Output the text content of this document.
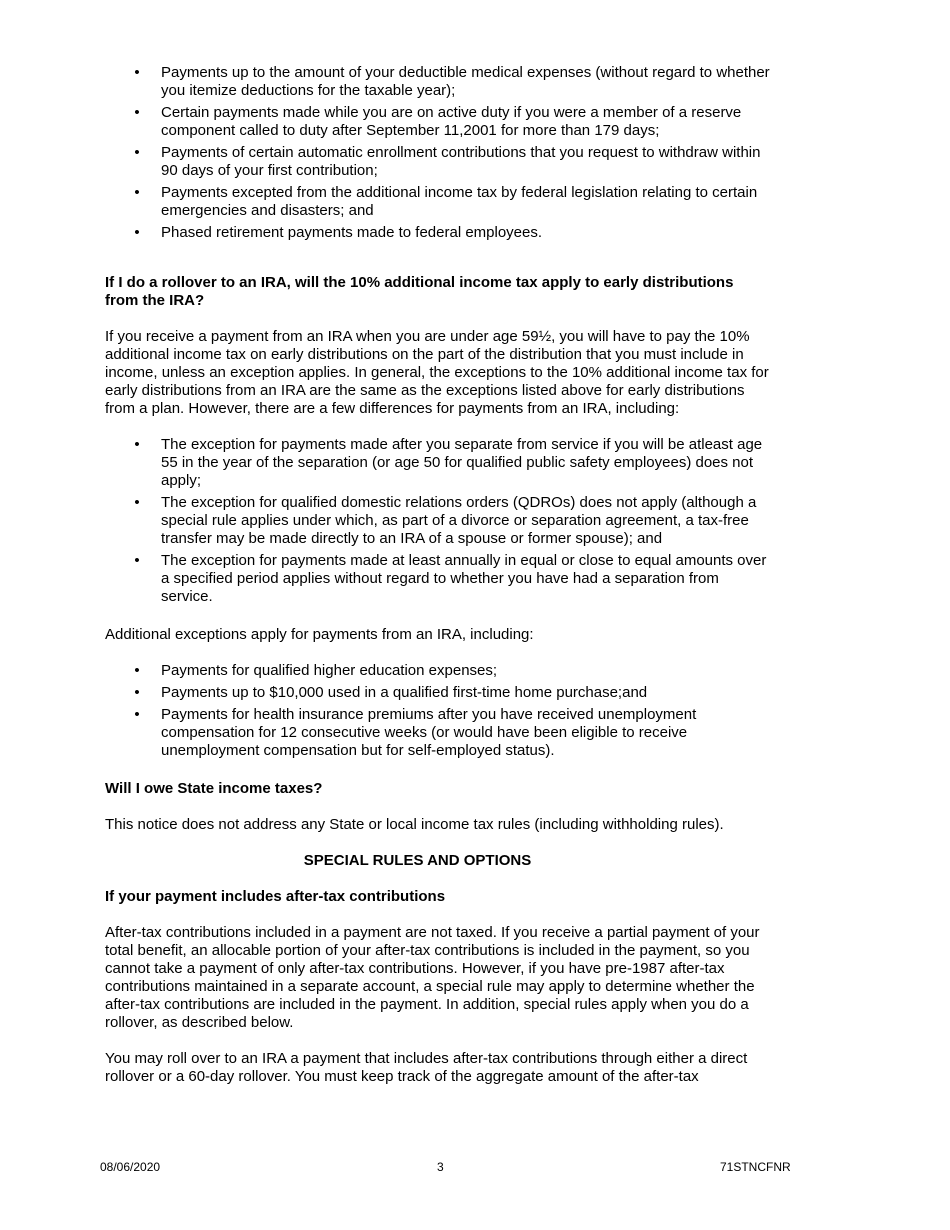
• Payments up to the amount of your deductible medical expenses (without regard to whether you itemize deductions for the taxable year);
• Certain payments made while you are on active duty if you were a member of a reserve component called to duty after September 11,2001 for more than 179 days;
• Payments of certain automatic enrollment contributions that you request to withdraw within 90 days of your first contribution;
• Payments excepted from the additional income tax by federal legislation relating to certain emergencies and disasters; and
• Phased retirement payments made to federal employees.

If I do a rollover to an IRA, will the 10% additional income tax apply to early distributions from the IRA?

If you receive a payment from an IRA when you are under age 59½, you will have to pay the 10% additional income tax on early distributions on the part of the distribution that you must include in income, unless an exception applies. In general, the exceptions to the 10% additional income tax for early distributions from an IRA are the same as the exceptions listed above for early distributions from a plan. However, there are a few differences for payments from an IRA, including:

• The exception for payments made after you separate from service if you will be atleast age 55 in the year of the separation (or age 50 for qualified public safety employees) does not apply;
• The exception for qualified domestic relations orders (QDROs) does not apply (although a special rule applies under which, as part of a divorce or separation agreement, a tax-free transfer may be made directly to an IRA of a spouse or former spouse); and
• The exception for payments made at least annually in equal or close to equal amounts over a specified period applies without regard to whether you have had a separation from service.

Additional exceptions apply for payments from an IRA, including:

• Payments for qualified higher education expenses;
• Payments up to $10,000 used in a qualified first-time home purchase;and
• Payments for health insurance premiums after you have received unemployment compensation for 12 consecutive weeks (or would have been eligible to receive unemployment compensation but for self-employed status).

Will I owe State income taxes?

This notice does not address any State or local income tax rules (including withholding rules).

SPECIAL RULES AND OPTIONS

If your payment includes after-tax contributions

After-tax contributions included in a payment are not taxed. If you receive a partial payment of your total benefit, an allocable portion of your after-tax contributions is included in the payment, so you cannot take a payment of only after-tax contributions. However, if you have pre-1987 after-tax contributions maintained in a separate account, a special rule may apply to determine whether the after-tax contributions are included in the payment. In addition, special rules apply when you do a rollover, as described below.

You may roll over to an IRA a payment that includes after-tax contributions through either a direct rollover or a 60-day rollover. You must keep track of the aggregate amount of the after-tax

08/06/2020	3	71STNCFNR
